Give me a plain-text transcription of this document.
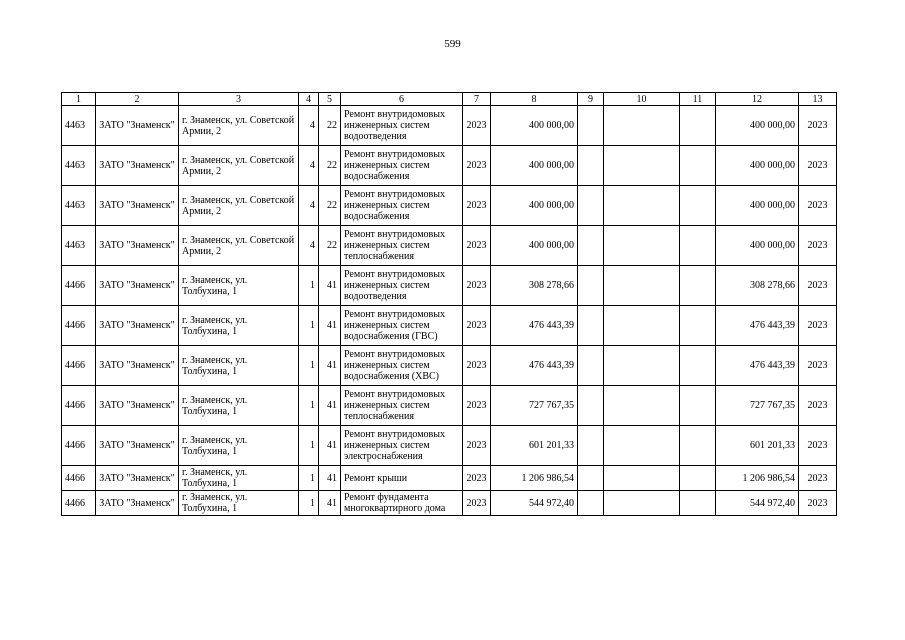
599
1	2	3	4	5	6	7	8	9	10	11	12	13
4463	ЗАТО "Знаменск"	г. Знаменск, ул. Советской Армии, 2	4	22	Ремонт внутридомовых инженерных систем водоотведения	2023	400 000,00				400 000,00	2023
4463	ЗАТО "Знаменск"	г. Знаменск, ул. Советской Армии, 2	4	22	Ремонт внутридомовых инженерных систем водоснабжения	2023	400 000,00				400 000,00	2023
4463	ЗАТО "Знаменск"	г. Знаменск, ул. Советской Армии, 2	4	22	Ремонт внутридомовых инженерных систем водоснабжения	2023	400 000,00				400 000,00	2023
4463	ЗАТО "Знаменск"	г. Знаменск, ул. Советской Армии, 2	4	22	Ремонт внутридомовых инженерных систем теплоснабжения	2023	400 000,00				400 000,00	2023
4466	ЗАТО "Знаменск"	г. Знаменск, ул. Толбухина, 1	1	41	Ремонт внутридомовых инженерных систем водоотведения	2023	308 278,66				308 278,66	2023
4466	ЗАТО "Знаменск"	г. Знаменск, ул. Толбухина, 1	1	41	Ремонт внутридомовых инженерных систем водоснабжения (ГВС)	2023	476 443,39				476 443,39	2023
4466	ЗАТО "Знаменск"	г. Знаменск, ул. Толбухина, 1	1	41	Ремонт внутридомовых инженерных систем водоснабжения (ХВС)	2023	476 443,39				476 443,39	2023
4466	ЗАТО "Знаменск"	г. Знаменск, ул. Толбухина, 1	1	41	Ремонт внутридомовых инженерных систем теплоснабжения	2023	727 767,35				727 767,35	2023
4466	ЗАТО "Знаменск"	г. Знаменск, ул. Толбухина, 1	1	41	Ремонт внутридомовых инженерных систем электроснабжения	2023	601 201,33				601 201,33	2023
4466	ЗАТО "Знаменск"	г. Знаменск, ул. Толбухина, 1	1	41	Ремонт крыши	2023	1 206 986,54				1 206 986,54	2023
4466	ЗАТО "Знаменск"	г. Знаменск, ул. Толбухина, 1	1	41	Ремонт фундамента многоквартирного дома	2023	544 972,40				544 972,40	2023
